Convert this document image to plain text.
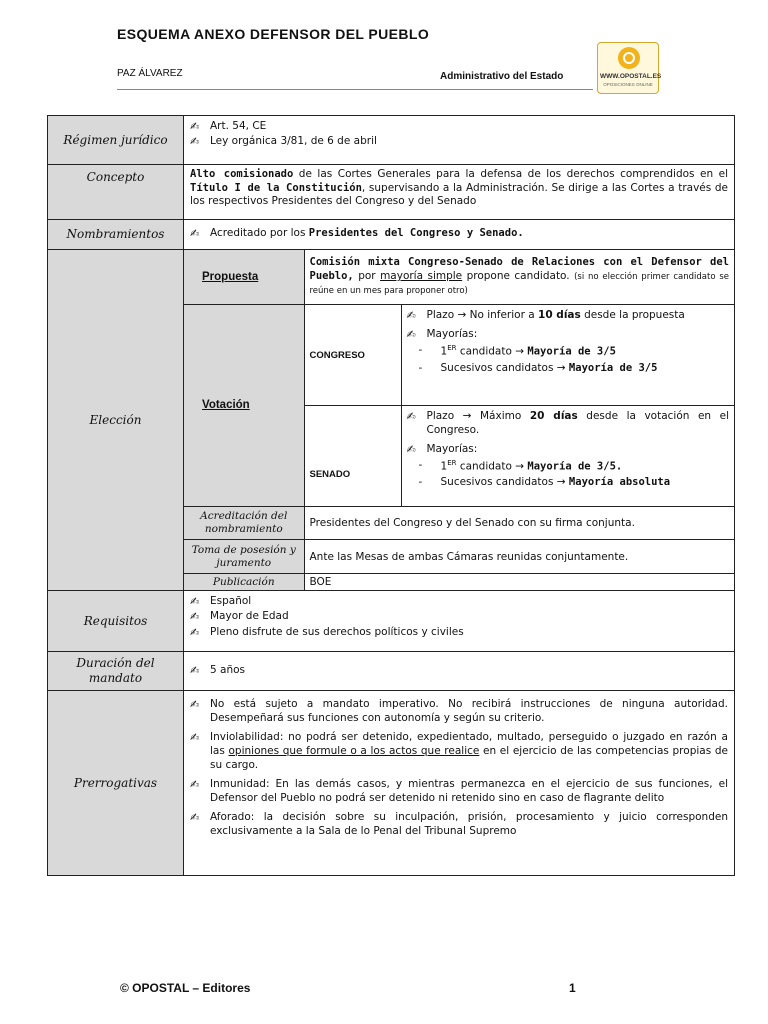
ESQUEMA ANEXO DEFENSOR DEL PUEBLO
PAZ ÁLVAREZ	Administrativo del Estado	WWW.OPOSTAL.ES
OPOSICIONES ONLINE
Régimen jurídico	
✍	Art. 54, CE
✍	Ley orgánica 3/81, de 6 de abril

Concepto	Alto comisionado de las Cortes Generales para la defensa de los derechos comprendidos en el Título I de la Constitución, supervisando a la Administración. Se dirige a las Cortes a través de los respectivos Presidentes del Congreso y del Senado
Nombramientos	✍	Acreditado por los Presidentes del Congreso y Senado.

Elección	
Propuesta	Comisión mixta Congreso-Senado de Relaciones con el Defensor del Pueblo, por mayoría simple propone candidato. (si no elección primer candidato se reúne en un mes para proponer otro)
Votación	CONGRESO	
✍	Plazo → No inferior a 10 días desde la propuesta
✍	Mayorías:
-	1ER candidato → Mayoría de 3/5
-	Sucesivos candidatos → Mayoría de 3/5

SENADO	
✍	Plazo → Máximo 20 días desde la votación en el Congreso.
✍	Mayorías:
-	1ER candidato → Mayoría de 3/5.
-	Sucesivos candidatos → Mayoría absoluta

Acreditación del nombramiento	Presidentes del Congreso y del Senado con su firma conjunta.
Toma de posesión y juramento	Ante las Mesas de ambas Cámaras reunidas conjuntamente.
Publicación	BOE

Requisitos	
✍	Español
✍	Mayor de Edad
✍	Pleno disfrute de sus derechos políticos y civiles

Duración del mandato	
✍	5 años

Prerrogativas	
✍	No está sujeto a mandato imperativo. No recibirá instrucciones de ninguna autoridad. Desempeñará sus funciones con autonomía y según su criterio.
✍	Inviolabilidad: no podrá ser detenido, expedientado, multado, perseguido o juzgado en razón a las opiniones que formule o a los actos que realice en el ejercicio de las competencias propias de su cargo.
✍	Inmunidad: En las demás casos, y mientras permanezca en el ejercicio de sus funciones, el Defensor del Pueblo no podrá ser detenido ni retenido sino en caso de flagrante delito
✍	Aforado: la decisión sobre su inculpación, prisión, procesamiento y juicio corresponden exclusivamente a la Sala de lo Penal del Tribunal Supremo
© OPOSTAL – Editores	1
